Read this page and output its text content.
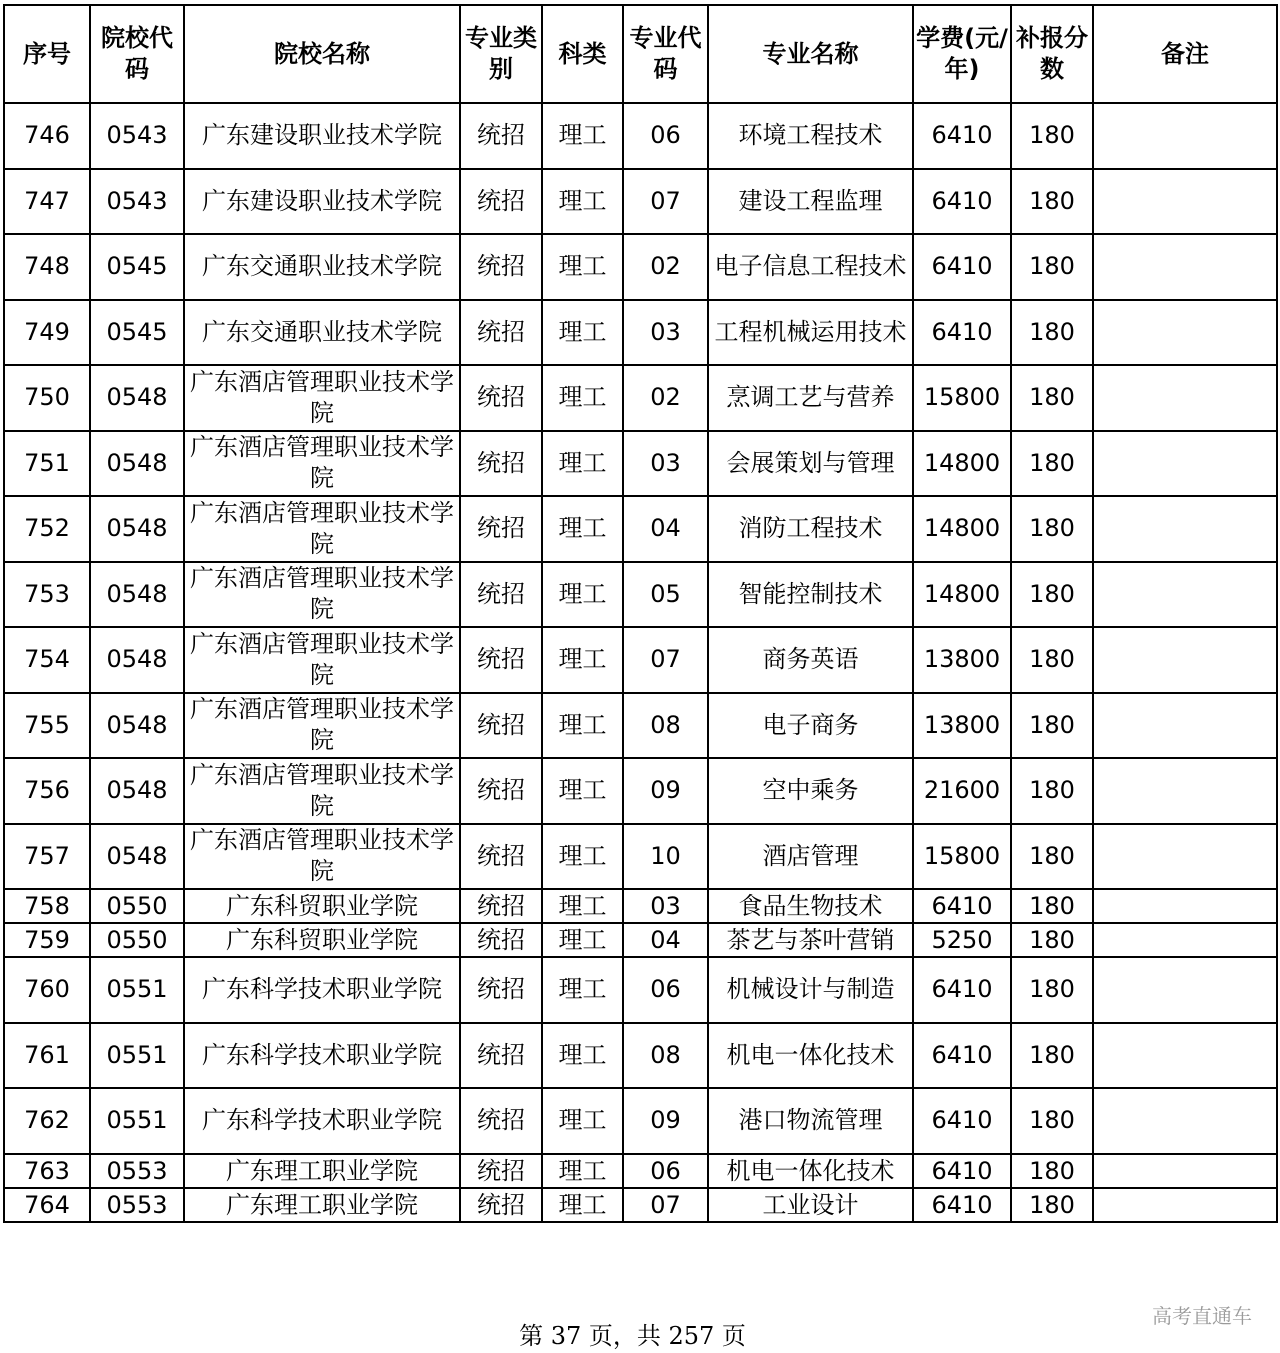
序号	院校代码	院校名称	专业类别	科类	专业代码	专业名称	学费(元/年)	补报分数	备注
746	0543	广东建设职业技术学院	统招	理工	06	环境工程技术	6410	180	
747	0543	广东建设职业技术学院	统招	理工	07	建设工程监理	6410	180	
748	0545	广东交通职业技术学院	统招	理工	02	电子信息工程技术	6410	180	
749	0545	广东交通职业技术学院	统招	理工	03	工程机械运用技术	6410	180	
750	0548	广东酒店管理职业技术学院	统招	理工	02	烹调工艺与营养	15800	180	
751	0548	广东酒店管理职业技术学院	统招	理工	03	会展策划与管理	14800	180	
752	0548	广东酒店管理职业技术学院	统招	理工	04	消防工程技术	14800	180	
753	0548	广东酒店管理职业技术学院	统招	理工	05	智能控制技术	14800	180	
754	0548	广东酒店管理职业技术学院	统招	理工	07	商务英语	13800	180	
755	0548	广东酒店管理职业技术学院	统招	理工	08	电子商务	13800	180	
756	0548	广东酒店管理职业技术学院	统招	理工	09	空中乘务	21600	180	
757	0548	广东酒店管理职业技术学院	统招	理工	10	酒店管理	15800	180	
758	0550	广东科贸职业学院	统招	理工	03	食品生物技术	6410	180	
759	0550	广东科贸职业学院	统招	理工	04	茶艺与茶叶营销	5250	180	
760	0551	广东科学技术职业学院	统招	理工	06	机械设计与制造	6410	180	
761	0551	广东科学技术职业学院	统招	理工	08	机电一体化技术	6410	180	
762	0551	广东科学技术职业学院	统招	理工	09	港口物流管理	6410	180	
763	0553	广东理工职业学院	统招	理工	06	机电一体化技术	6410	180	
764	0553	广东理工职业学院	统招	理工	07	工业设计	6410	180	
第 37 页，共 257 页
高考直通车
